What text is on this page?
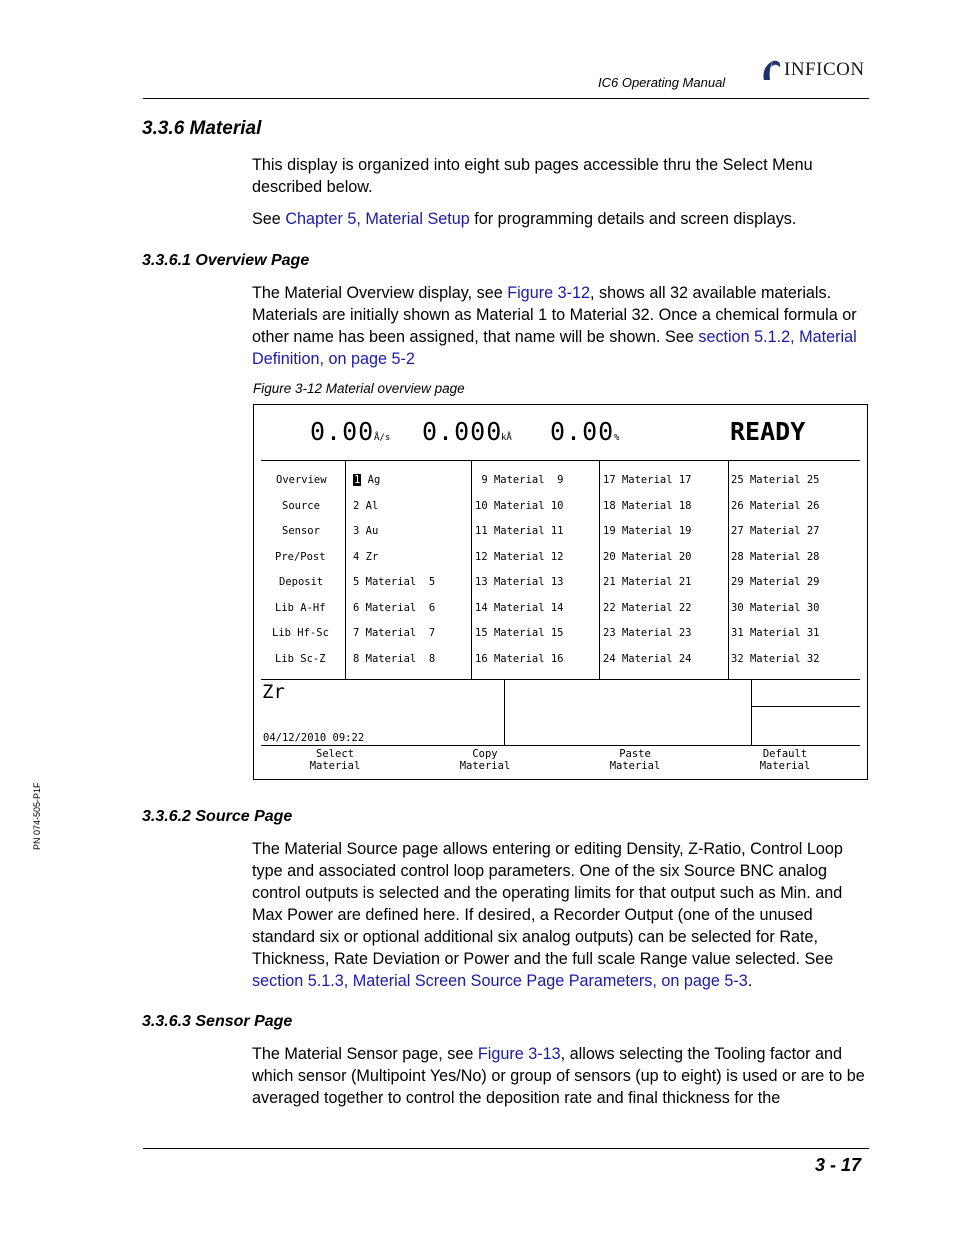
IC6 Operating Manual
INFICON
3.3.6 Material

This display is organized into eight sub pages accessible thru the Select Menu described below.

See Chapter 5, Material Setup for programming details and screen displays.

3.3.6.1 Overview Page

The Material Overview display, see Figure 3-12, shows all 32 available materials. Materials are initially shown as Material 1 to Material 32. Once a chemical formula or other name has been assigned, that name will be shown. See section 5.1.2, Material Definition, on page 5-2

Figure 3-12 Material overview page
0.00 Å/s 0.000
kÅ 0.00 %	READY
Overview
Source
Sensor
Pre/Post
Deposit
Lib A-Hf
Lib Hf-Sc
Lib Sc-Z
1 Ag
2 Al
3 Au
4 Zr
5 Material  5
6 Material  6
7 Material  7
8 Material  8
9 Material  9
10 Material 10
11 Material 11
12 Material 12
13 Material 13
14 Material 14
15 Material 15
16 Material 16
17 Material 17
18 Material 18
19 Material 19
20 Material 20
21 Material 21
22 Material 22
23 Material 23
24 Material 24
25 Material 25
26 Material 26
27 Material 27
28 Material 28
29 Material 29
30 Material 30
31 Material 31
32 Material 32
Zr
04/12/2010 09:22
Select
Material
Copy
Material
Paste
Material
Default
Material
3.3.6.2 Source Page

The Material Source page allows entering or editing Density, Z-Ratio, Control Loop type and associated control loop parameters. One of the six Source BNC analog control outputs is selected and the operating limits for that output such as Min. and Max Power are defined here. If desired, a Recorder Output (one of the unused standard six or optional additional six analog outputs) can be selected for Rate, Thickness, Rate Deviation or Power and the full scale Range value selected. See section 5.1.3, Material Screen Source Page Parameters, on page 5-3.

3.3.6.3 Sensor Page

The Material Sensor page, see Figure 3-13, allows selecting the Tooling factor and which sensor (Multipoint Yes/No) or group of sensors (up to eight) is used or are to be averaged together to control the deposition rate and final thickness for the

PN 074-505-P1F
3 - 17
